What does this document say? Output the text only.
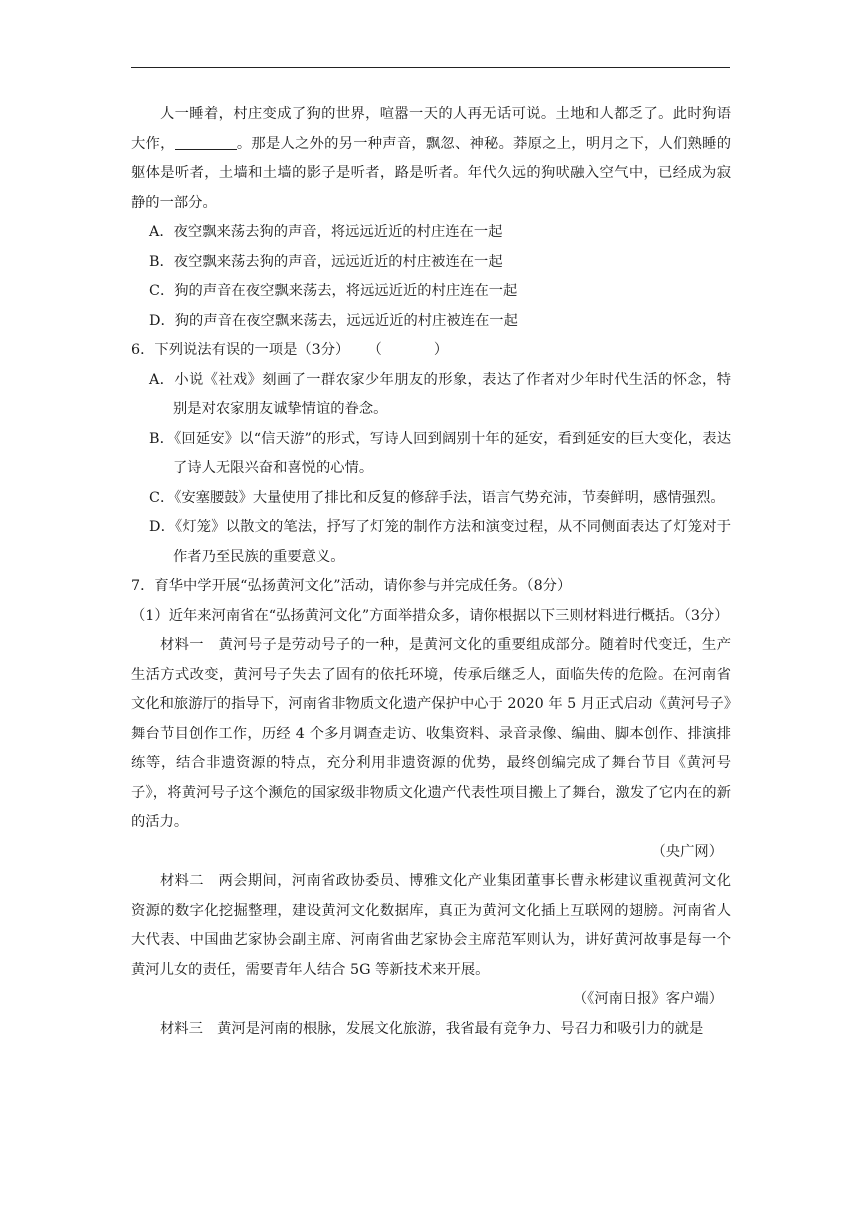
人一睡着，村庄变成了狗的世界，喧嚣一天的人再无话可说。土地和人都乏了。此时狗语大作，	。那是人之外的另一种声音，飘忽、神秘。莽原之上，明月之下，人们熟睡的躯体是听者，土墙和土墙的影子是听者，路是听者。年代久远的狗吠融入空气中，已经成为寂静的一部分。

A．夜空飘来荡去狗的声音，将远远近近的村庄连在一起

B．夜空飘来荡去狗的声音，远远近近的村庄被连在一起

C．狗的声音在夜空飘来荡去，将远远近近的村庄连在一起

D．狗的声音在夜空飘来荡去，远远近近的村庄被连在一起

6．下列说法有误的一项是（3分） （	）

A．小说《社戏》刻画了一群农家少年朋友的形象，表达了作者对少年时代生活的怀念，特别是对农家朋友诚挚情谊的眷念。

B．《回延安》以“信天游”的形式，写诗人回到阔别十年的延安，看到延安的巨大变化，表达了诗人无限兴奋和喜悦的心情。

C．《安塞腰鼓》大量使用了排比和反复的修辞手法，语言气势充沛，节奏鲜明，感情强烈。

D．《灯笼》以散文的笔法，抒写了灯笼的制作方法和演变过程，从不同侧面表达了灯笼对于作者乃至民族的重要意义。

7．育华中学开展“弘扬黄河文化”活动，请你参与并完成任务。（8分）

（1）近年来河南省在“弘扬黄河文化”方面举措众多，请你根据以下三则材料进行概括。（3分）

材料一　黄河号子是劳动号子的一种，是黄河文化的重要组成部分。随着时代变迁，生产生活方式改变，黄河号子失去了固有的依托环境，传承后继乏人，面临失传的危险。在河南省文化和旅游厅的指导下，河南省非物质文化遗产保护中心于 2020 年 5 月正式启动《黄河号子》舞台节目创作工作，历经 4 个多月调查走访、收集资料、录音录像、编曲、脚本创作、排演排练等，结合非遗资源的特点，充分利用非遗资源的优势，最终创编完成了舞台节目《黄河号子》，将黄河号子这个濒危的国家级非物质文化遗产代表性项目搬上了舞台，激发了它内在的新的活力。

（央广网）

材料二　两会期间，河南省政协委员、博雅文化产业集团董事长曹永彬建议重视黄河文化资源的数字化挖掘整理，建设黄河文化数据库，真正为黄河文化插上互联网的翅膀。河南省人大代表、中国曲艺家协会副主席、河南省曲艺家协会主席范军则认为，讲好黄河故事是每一个黄河儿女的责任，需要青年人结合 5G 等新技术来开展。

（《河南日报》客户端）

材料三　黄河是河南的根脉，发展文化旅游，我省最有竞争力、号召力和吸引力的就是
